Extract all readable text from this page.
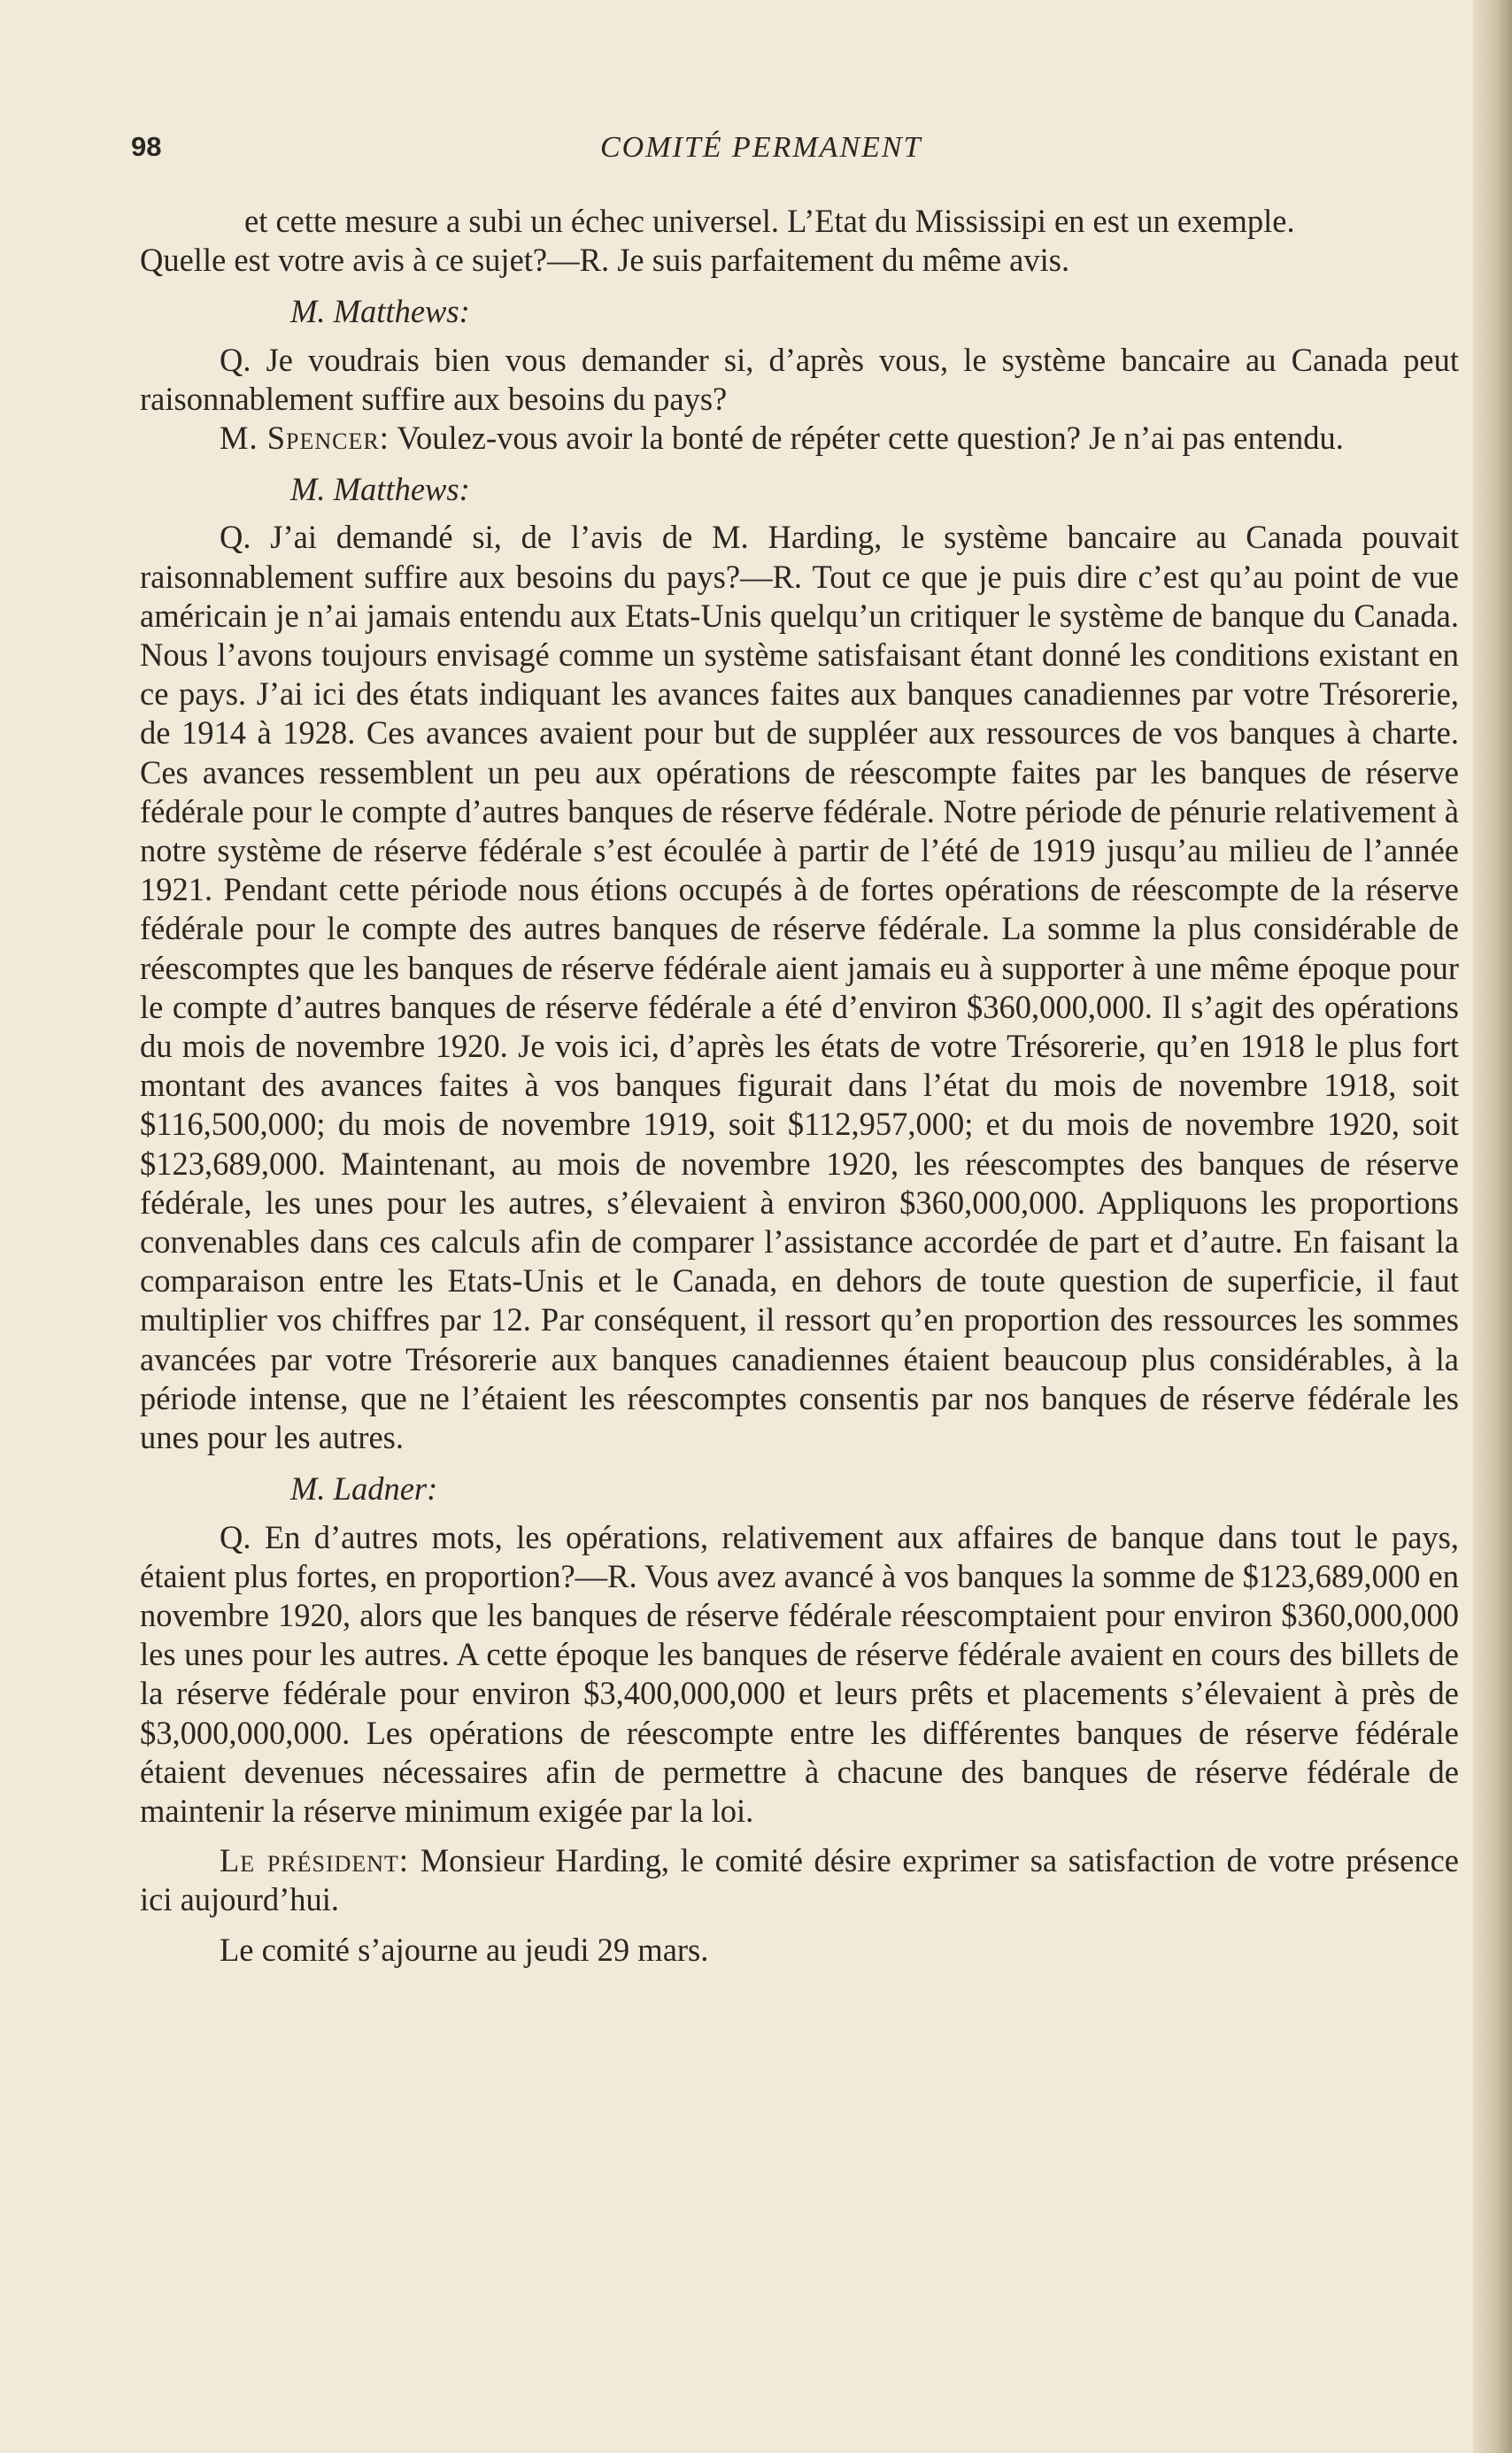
98	COMITÉ PERMANENT

et cette mesure a subi un échec universel. L’Etat du Mississipi en est un exemple.

Quelle est votre avis à ce sujet?—R. Je suis parfaitement du même avis.

M. Matthews:

Q. Je voudrais bien vous demander si, d’après vous, le système bancaire au Canada peut raisonnablement suffire aux besoins du pays?

M. Spencer: Voulez-vous avoir la bonté de répéter cette question? Je n’ai pas entendu.

M. Matthews:

Q. J’ai demandé si, de l’avis de M. Harding, le système bancaire au Canada pouvait raisonnablement suffire aux besoins du pays?—R. Tout ce que je puis dire c’est qu’au point de vue américain je n’ai jamais entendu aux Etats-Unis quelqu’un critiquer le système de banque du Canada. Nous l’avons toujours envisagé comme un système satisfaisant étant donné les conditions existant en ce pays. J’ai ici des états indiquant les avances faites aux banques canadiennes par votre Trésorerie, de 1914 à 1928. Ces avances avaient pour but de suppléer aux ressources de vos banques à charte. Ces avances ressemblent un peu aux opérations de réescompte faites par les banques de réserve fédérale pour le compte d’autres banques de réserve fédérale. Notre période de pénurie relativement à notre système de réserve fédérale s’est écoulée à partir de l’été de 1919 jusqu’au milieu de l’année 1921. Pendant cette période nous étions occupés à de fortes opérations de réescompte de la réserve fédérale pour le compte des autres banques de réserve fédérale. La somme la plus considérable de réescomptes que les banques de réserve fédérale aient jamais eu à supporter à une même époque pour le compte d’autres banques de réserve fédérale a été d’environ $360,000,000. Il s’agit des opérations du mois de novembre 1920. Je vois ici, d’après les états de votre Trésorerie, qu’en 1918 le plus fort montant des avances faites à vos banques figurait dans l’état du mois de novembre 1918, soit $116,500,000; du mois de novembre 1919, soit $112,957,000; et du mois de novembre 1920, soit $123,689,000. Maintenant, au mois de novembre 1920, les réescomptes des banques de réserve fédérale, les unes pour les autres, s’élevaient à environ $360,000,000. Appliquons les proportions convenables dans ces calculs afin de comparer l’assistance accordée de part et d’autre. En faisant la comparaison entre les Etats-Unis et le Canada, en dehors de toute question de superficie, il faut multiplier vos chiffres par 12. Par conséquent, il ressort qu’en proportion des ressources les sommes avancées par votre Trésorerie aux banques canadiennes étaient beaucoup plus considérables, à la période intense, que ne l’étaient les réescomptes consentis par nos banques de réserve fédérale les unes pour les autres.

M. Ladner:

Q. En d’autres mots, les opérations, relativement aux affaires de banque dans tout le pays, étaient plus fortes, en proportion?—R. Vous avez avancé à vos banques la somme de $123,689,000 en novembre 1920, alors que les banques de réserve fédérale réescomptaient pour environ $360,000,000 les unes pour les autres. A cette époque les banques de réserve fédérale avaient en cours des billets de la réserve fédérale pour environ $3,400,000,000 et leurs prêts et placements s’élevaient à près de $3,000,000,000. Les opérations de réescompte entre les différentes banques de réserve fédérale étaient devenues nécessaires afin de permettre à chacune des banques de réserve fédérale de maintenir la réserve minimum exigée par la loi.

Le président: Monsieur Harding, le comité désire exprimer sa satisfaction de votre présence ici aujourd’hui.

Le comité s’ajourne au jeudi 29 mars.
